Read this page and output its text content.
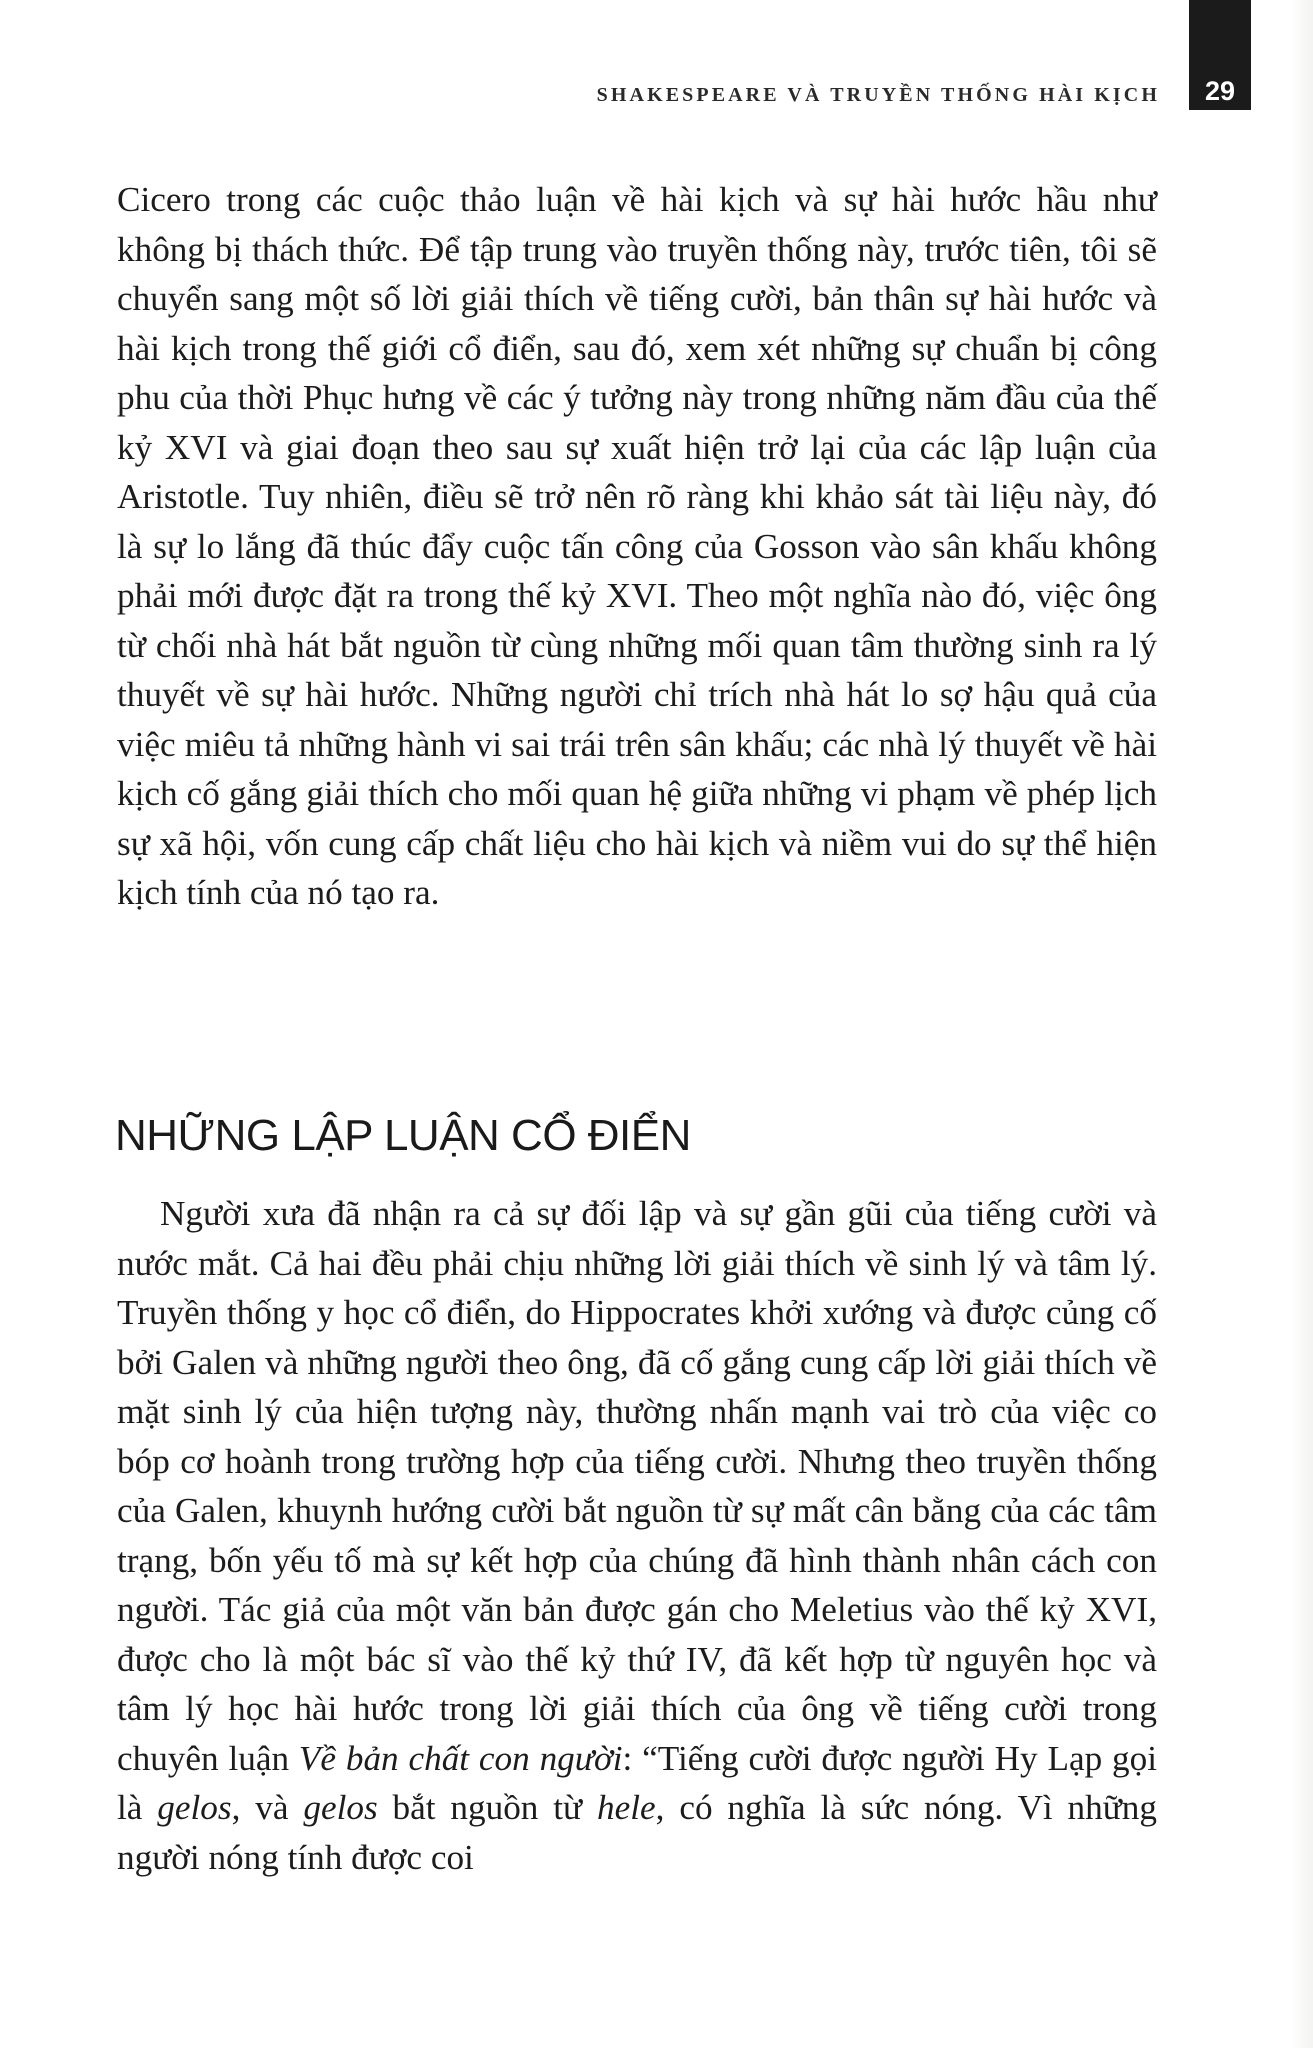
29
SHAKESPEARE VÀ TRUYỀN THỐNG HÀI KỊCH

Cicero trong các cuộc thảo luận về hài kịch và sự hài hước hầu như không bị thách thức. Để tập trung vào truyền thống này, trước tiên, tôi sẽ chuyển sang một số lời giải thích về tiếng cười, bản thân sự hài hước và hài kịch trong thế giới cổ điển, sau đó, xem xét những sự chuẩn bị công phu của thời Phục hưng về các ý tưởng này trong những năm đầu của thế kỷ XVI và giai đoạn theo sau sự xuất hiện trở lại của các lập luận của Aristotle. Tuy nhiên, điều sẽ trở nên rõ ràng khi khảo sát tài liệu này, đó là sự lo lắng đã thúc đẩy cuộc tấn công của Gosson vào sân khấu không phải mới được đặt ra trong thế kỷ XVI. Theo một nghĩa nào đó, việc ông từ chối nhà hát bắt nguồn từ cùng những mối quan tâm thường sinh ra lý thuyết về sự hài hước. Những người chỉ trích nhà hát lo sợ hậu quả của việc miêu tả những hành vi sai trái trên sân khấu; các nhà lý thuyết về hài kịch cố gắng giải thích cho mối quan hệ giữa những vi phạm về phép lịch sự xã hội, vốn cung cấp chất liệu cho hài kịch và niềm vui do sự thể hiện kịch tính của nó tạo ra.

NHỮNG LẬP LUẬN CỔ ĐIỂN

Người xưa đã nhận ra cả sự đối lập và sự gần gũi của tiếng cười và nước mắt. Cả hai đều phải chịu những lời giải thích về sinh lý và tâm lý. Truyền thống y học cổ điển, do Hippocrates khởi xướng và được củng cố bởi Galen và những người theo ông, đã cố gắng cung cấp lời giải thích về mặt sinh lý của hiện tượng này, thường nhấn mạnh vai trò của việc co bóp cơ hoành trong trường hợp của tiếng cười. Nhưng theo truyền thống của Galen, khuynh hướng cười bắt nguồn từ sự mất cân bằng của các tâm trạng, bốn yếu tố mà sự kết hợp của chúng đã hình thành nhân cách con người. Tác giả của một văn bản được gán cho Meletius vào thế kỷ XVI, được cho là một bác sĩ vào thế kỷ thứ IV, đã kết hợp từ nguyên học và tâm lý học hài hước trong lời giải thích của ông về tiếng cười trong chuyên luận Về bản chất con người: “Tiếng cười được người Hy Lạp gọi là gelos, và gelos bắt nguồn từ hele, có nghĩa là sức nóng. Vì những người nóng tính được coi
